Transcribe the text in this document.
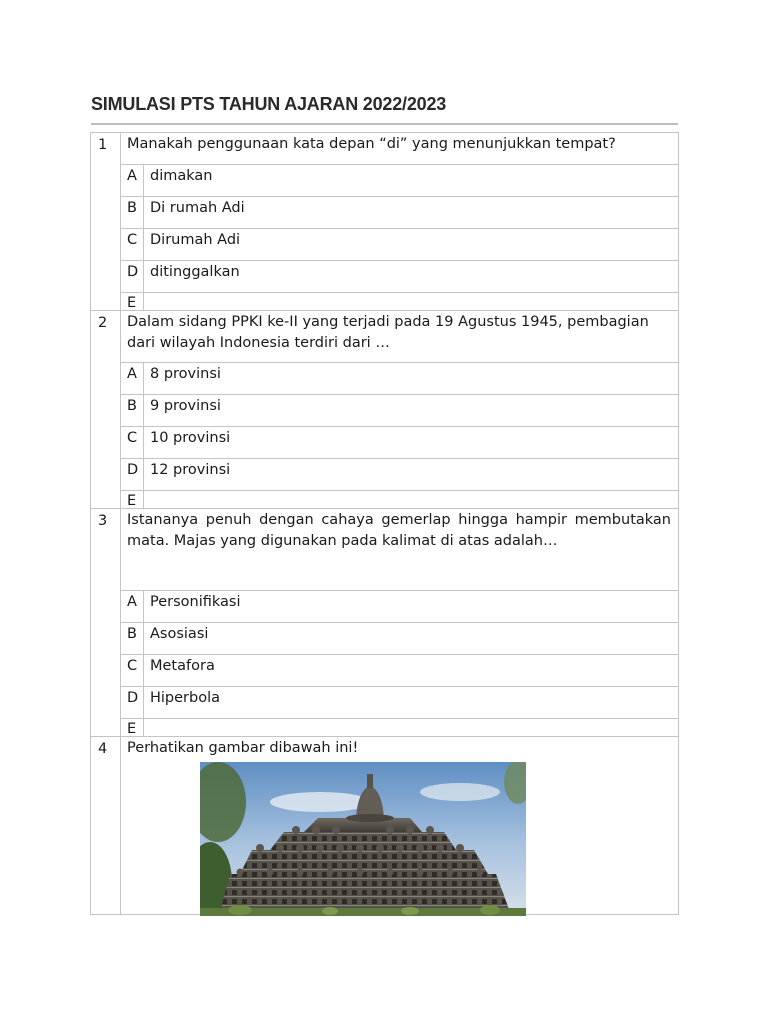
SIMULASI PTS TAHUN AJARAN 2022/2023
1	Manakah penggunaan kata depan “di” yang menunjukkan tempat?
A dimakan
B Di rumah Adi
C Dirumah Adi
D ditinggalkan
E
2	Dalam sidang PPKI ke-II yang terjadi pada 19 Agustus 1945, pembagian dari wilayah Indonesia terdiri dari …
A 8 provinsi
B 9 provinsi
C 10 provinsi
D 12 provinsi
E
3	Istananya penuh dengan cahaya gemerlap hingga hampir membutakan mata. Majas yang digunakan pada kalimat di atas adalah…
A Personifikasi
B Asosiasi
C Metafora
D Hiperbola
E
4	Perhatikan gambar dibawah ini!
